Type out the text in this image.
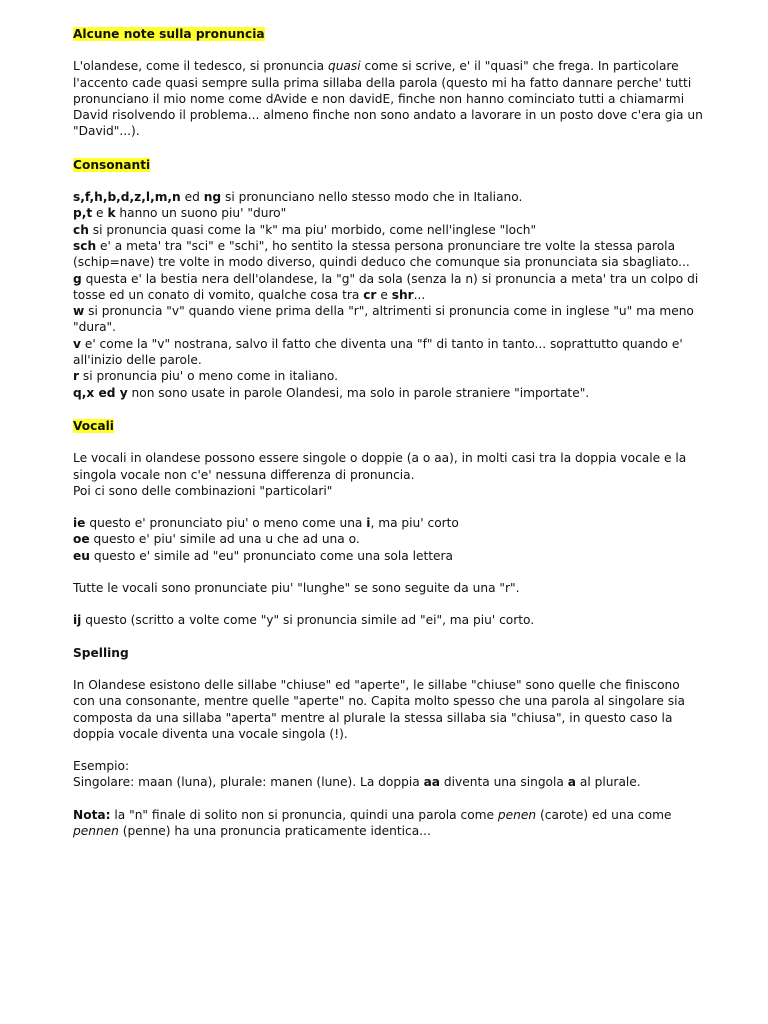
Alcune note sulla pronuncia

L'olandese, come il tedesco, si pronuncia quasi come si scrive, e' il "quasi" che frega. In particolare l'accento cade quasi sempre sulla prima sillaba della parola (questo mi ha fatto dannare perche' tutti pronunciano il mio nome come dAvide e non davidE, finche non hanno cominciato tutti a chiamarmi David risolvendo il problema... almeno finche non sono andato a lavorare in un posto dove c'era gia un "David"...).

Consonanti

s,f,h,b,d,z,l,m,n ed ng si pronunciano nello stesso modo che in Italiano.

p,t e k hanno un suono piu' "duro"

ch si pronuncia quasi come la "k" ma piu' morbido, come nell'inglese "loch"

sch e' a meta' tra "sci" e "schi", ho sentito la stessa persona pronunciare tre volte la stessa parola (schip=nave) tre volte in modo diverso, quindi deduco che comunque sia pronunciata sia sbagliato...

g questa e' la bestia nera dell'olandese, la "g" da sola (senza la n) si pronuncia a meta' tra un colpo di tosse ed un conato di vomito, qualche cosa tra cr e shr...

w si pronuncia "v" quando viene prima della "r", altrimenti si pronuncia come in inglese "u" ma meno "dura".

v e' come la "v" nostrana, salvo il fatto che diventa una "f" di tanto in tanto... soprattutto quando e' all'inizio delle parole.

r si pronuncia piu' o meno come in italiano.

q,x ed y non sono usate in parole Olandesi, ma solo in parole straniere "importate".

Vocali

Le vocali in olandese possono essere singole o doppie (a o aa), in molti casi tra la doppia vocale e la singola vocale non c'e' nessuna differenza di pronuncia.

Poi ci sono delle combinazioni "particolari"

ie questo e' pronunciato piu' o meno come una i, ma piu' corto

oe questo e' piu' simile ad una u che ad una o.

eu questo e' simile ad "eu" pronunciato come una sola lettera

Tutte le vocali sono pronunciate piu' "lunghe" se sono seguite da una "r".

ij questo (scritto a volte come "y" si pronuncia simile ad "ei", ma piu' corto.

Spelling

In Olandese esistono delle sillabe "chiuse" ed "aperte", le sillabe "chiuse" sono quelle che finiscono con una consonante, mentre quelle "aperte" no. Capita molto spesso che una parola al singolare sia composta da una sillaba "aperta" mentre al plurale la stessa sillaba sia "chiusa", in questo caso la doppia vocale diventa una vocale singola (!).

Esempio:

Singolare: maan (luna), plurale: manen (lune). La doppia aa diventa una singola a al plurale.

Nota: la "n" finale di solito non si pronuncia, quindi una parola come penen (carote) ed una come pennen (penne) ha una pronuncia praticamente identica...
